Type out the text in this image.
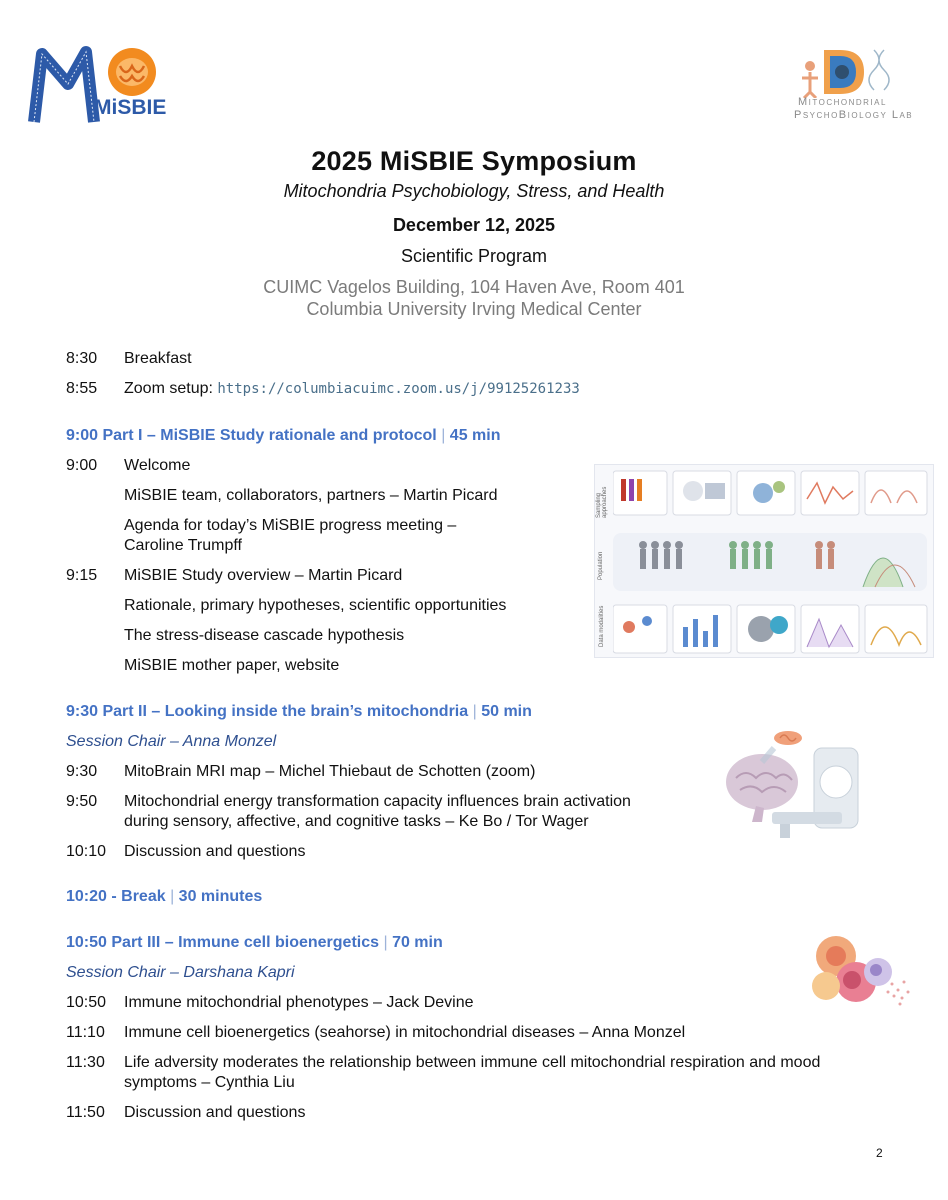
MiSBIE	Mitochondrial
PsychoBiology Lab
2025 MiSBIE Symposium
Mitochondria Psychobiology, Stress, and Health
December 12, 2025
Scientific Program
CUIMC Vagelos Building, 104 Haven Ave, Room 401
Columbia University Irving Medical Center
8:30 Breakfast
8:55 Zoom setup: https://columbiacuimc.zoom.us/j/99125261233
9:00 Part I – MiSBIE Study rationale and protocol | 45 min
9:00 Welcome
MiSBIE team, collaborators, partners – Martin Picard
Agenda for today’s MiSBIE progress meeting –
Caroline Trumpff
9:15 MiSBIE Study overview – Martin Picard
Rationale, primary hypotheses, scientific opportunities
The stress-disease cascade hypothesis
MiSBIE mother paper, website
Sampling approaches
Population
Data modalities
9:30 Part II – Looking inside the brain’s mitochondria | 50 min
Session Chair – Anna Monzel
9:30 MitoBrain MRI map – Michel Thiebaut de Schotten (zoom)
9:50 Mitochondrial energy transformation capacity influences brain activation
during sensory, affective, and cognitive tasks – Ke Bo / Tor Wager
10:10 Discussion and questions
10:20 - Break | 30 minutes
10:50 Part III – Immune cell bioenergetics | 70 min
Session Chair – Darshana Kapri
10:50 Immune mitochondrial phenotypes – Jack Devine
11:10 Immune cell bioenergetics (seahorse) in mitochondrial diseases – Anna Monzel
11:30 Life adversity moderates the relationship between immune cell mitochondrial respiration and mood
symptoms – Cynthia Liu
11:50 Discussion and questions
2
